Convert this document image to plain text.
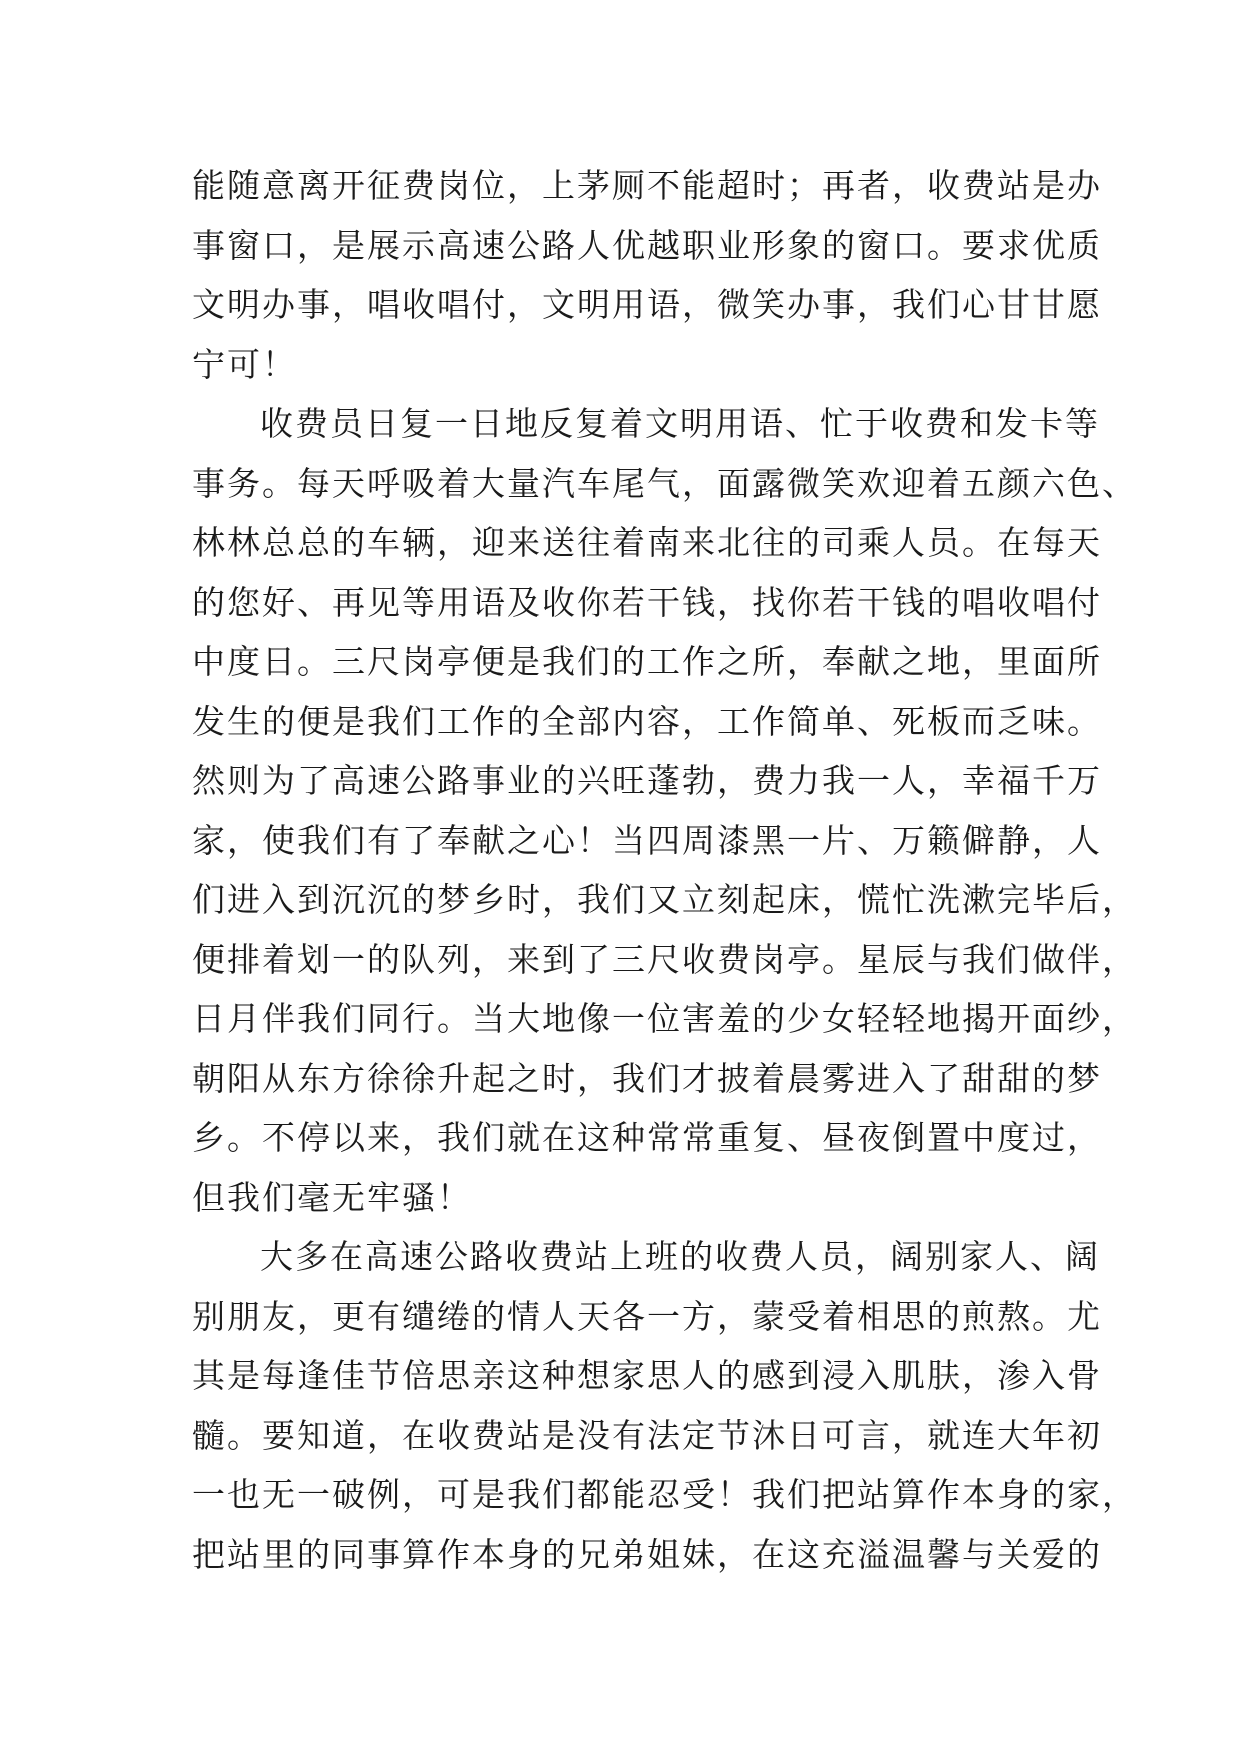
能随意离开征费岗位，上茅厕不能超时；再者，收费站是办
事窗口，是展示高速公路人优越职业形象的窗口。要求优质
文明办事，唱收唱付，文明用语，微笑办事，我们心甘甘愿
宁可！
收费员日复一日地反复着文明用语、忙于收费和发卡等
事务。每天呼吸着大量汽车尾气，面露微笑欢迎着五颜六色、
林林总总的车辆，迎来送往着南来北往的司乘人员。在每天
的您好、再见等用语及收你若干钱，找你若干钱的唱收唱付
中度日。三尺岗亭便是我们的工作之所，奉献之地，里面所
发生的便是我们工作的全部内容，工作简单、死板而乏味。
然则为了高速公路事业的兴旺蓬勃，费力我一人，幸福千万
家，使我们有了奉献之心！当四周漆黑一片、万籁僻静，人
们进入到沉沉的梦乡时，我们又立刻起床，慌忙洗漱完毕后，
便排着划一的队列，来到了三尺收费岗亭。星辰与我们做伴，
日月伴我们同行。当大地像一位害羞的少女轻轻地揭开面纱，
朝阳从东方徐徐升起之时，我们才披着晨雾进入了甜甜的梦
乡。不停以来，我们就在这种常常重复、昼夜倒置中度过，
但我们毫无牢骚！
大多在高速公路收费站上班的收费人员，阔别家人、阔
别朋友，更有缱绻的情人天各一方，蒙受着相思的煎熬。尤
其是每逢佳节倍思亲这种想家思人的感到浸入肌肤，渗入骨
髓。要知道，在收费站是没有法定节沐日可言，就连大年初
一也无一破例，可是我们都能忍受！我们把站算作本身的家，
把站里的同事算作本身的兄弟姐妹，在这充溢温馨与关爱的
